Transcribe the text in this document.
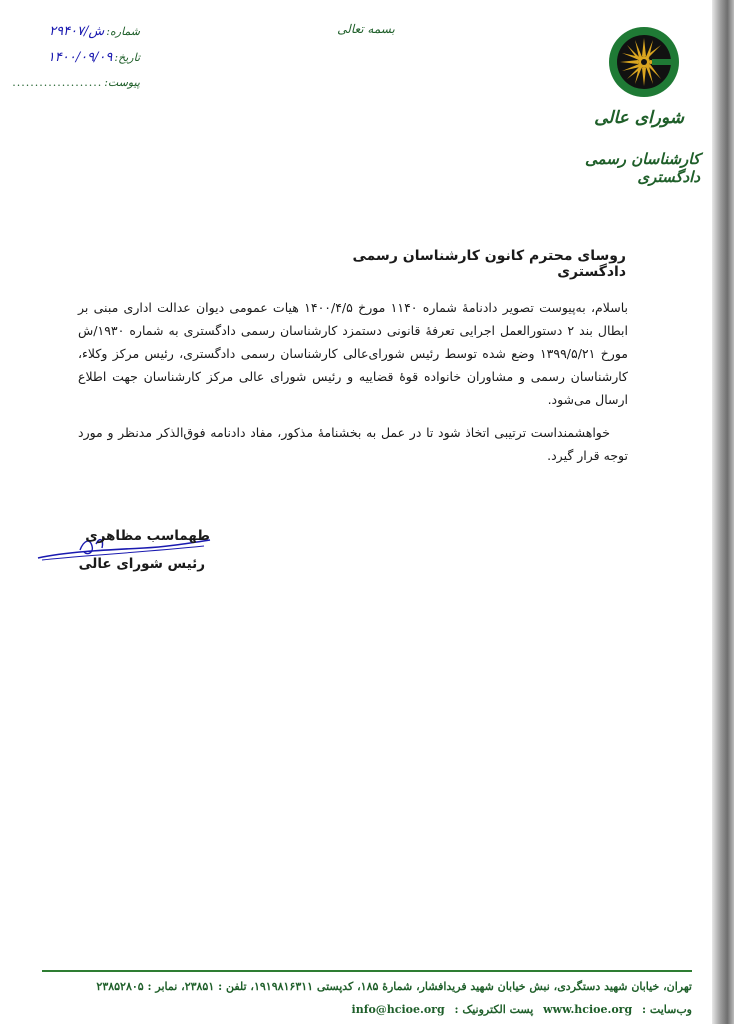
بسمه تعالی
شماره:
۲۹۴۰۷/ش
تاریخ:
۱۴۰۰/۰۹/۰۹
پیوست:
....................
شورای عالی
کارشناسان رسمی دادگستری
روسای محترم کانون کارشناسان رسمی دادگستری

باسلام، به‌پیوست تصویر دادنامهٔ شماره ۱۱۴۰ مورخ ۱۴۰۰/۴/۵ هیات عمومی دیوان عدالت اداری مبنی بر ابطال بند ۲ دستورالعمل اجرایی تعرفهٔ قانونی دستمزد کارشناسان رسمی دادگستری به شماره ۱۹۳۰/ش مورخ ۱۳۹۹/۵/۲۱ وضع شده توسط رئیس شورای‌عالی کارشناسان رسمی دادگستری، رئیس مرکز وکلاء، کارشناسان رسمی و مشاوران خانواده قوهٔ قضاییه و رئیس شورای عالی مرکز کارشناسان جهت اطلاع ارسال می‌شود.

خواهشمنداست ترتیبی اتخاذ شود تا در عمل به بخشنامهٔ مذکور، مفاد دادنامه فوق‌الذکر مدنظر و مورد توجه قرار گیرد.

طهماسب مظاهری
رئیس شورای عالی
تهران، خیابان شهید دستگردی، نبش خیابان شهید فریدافشار، شمارهٔ ۱۸۵، کدپستی ۱۹۱۹۸۱۶۳۱۱، تلفن : ۲۳۸۵۱، نمابر : ۲۳۸۵۲۸۰۵
وب‌سایت : www.hcioe.org پست الکترونیک : info@hcioe.org
